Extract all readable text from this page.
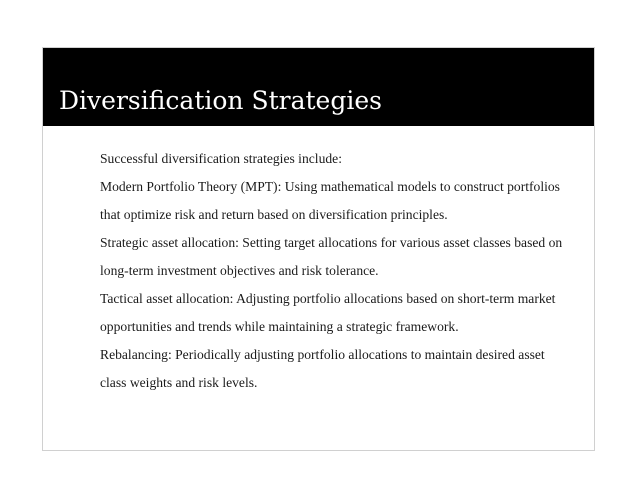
Diversification Strategies

Successful diversification strategies include:

Modern Portfolio Theory (MPT): Using mathematical models to construct portfolios that optimize risk and return based on diversification principles.

Strategic asset allocation: Setting target allocations for various asset classes based on long-term investment objectives and risk tolerance.

Tactical asset allocation: Adjusting portfolio allocations based on short-term market opportunities and trends while maintaining a strategic framework.

Rebalancing: Periodically adjusting portfolio allocations to maintain desired asset class weights and risk levels.
